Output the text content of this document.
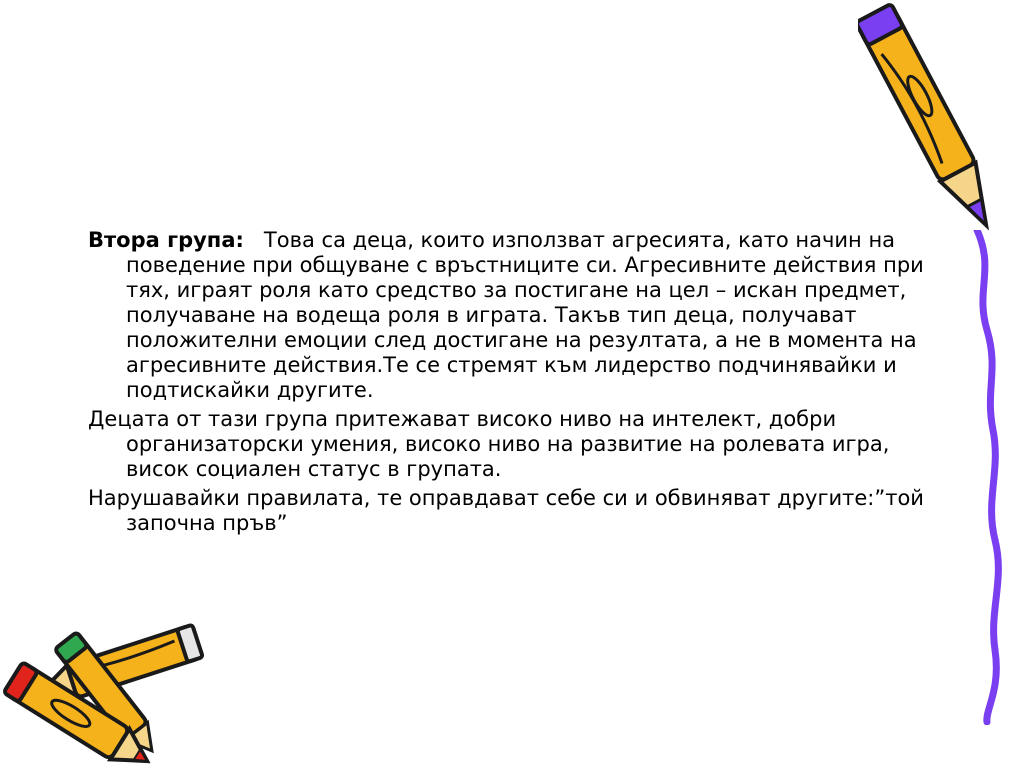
Втора група: Това са деца, които използват агресията, като начин на поведение при общуване с връстниците си. Агресивните действия при тях, играят роля като средство за постигане на цел – искан предмет, получаване на водеща роля в играта. Такъв тип деца, получават положителни емоции след достигане на резултата, а не в момента на агресивните действия.Те се стремят към лидерство подчинявайки и подтискайки другите.

Децата от тази група притежават високо ниво на интелект, добри организаторски умения, високо ниво на развитие на ролевата игра, висок социален статус в групата.

Нарушавайки правилата, те оправдават себе си и обвиняват другите:”той започна пръв”
